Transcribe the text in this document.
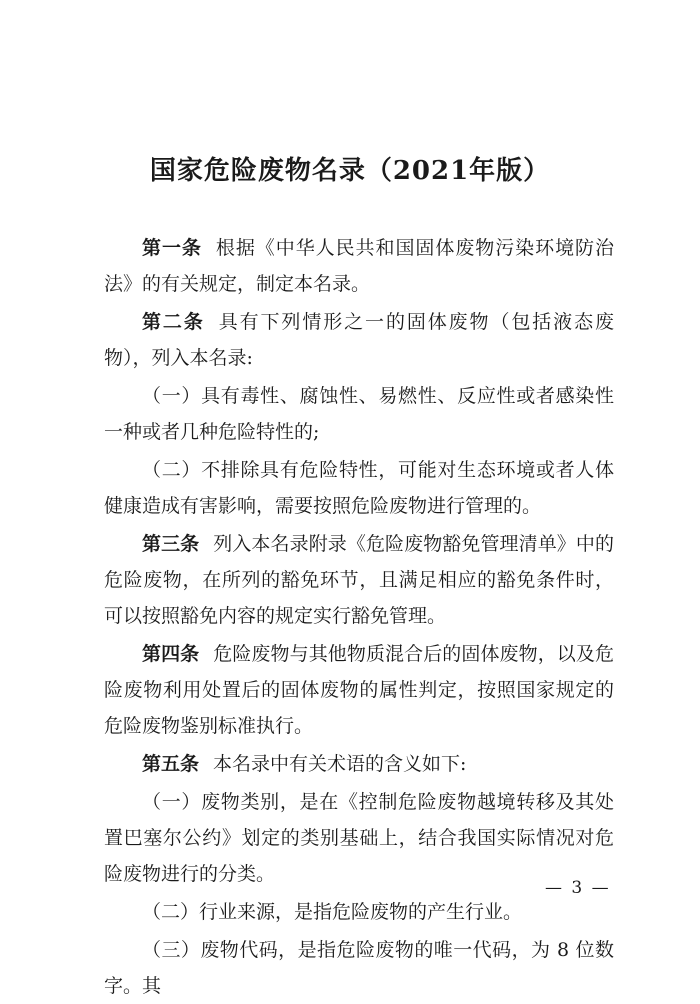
国家危险废物名录（2021年版）

第一条 根据《中华人民共和国固体废物污染环境防治法》的有关规定，制定本名录。

第二条 具有下列情形之一的固体废物（包括液态废物），列入本名录:

（一）具有毒性、腐蚀性、易燃性、反应性或者感染性一种或者几种危险特性的;

（二）不排除具有危险特性，可能对生态环境或者人体健康造成有害影响，需要按照危险废物进行管理的。

第三条 列入本名录附录《危险废物豁免管理清单》中的危险废物，在所列的豁免环节，且满足相应的豁免条件时，可以按照豁免内容的规定实行豁免管理。

第四条 危险废物与其他物质混合后的固体废物，以及危险废物利用处置后的固体废物的属性判定，按照国家规定的危险废物鉴别标准执行。

第五条 本名录中有关术语的含义如下:

（一）废物类别，是在《控制危险废物越境转移及其处置巴塞尔公约》划定的类别基础上，结合我国实际情况对危险废物进行的分类。

（二）行业来源，是指危险废物的产生行业。

（三）废物代码，是指危险废物的唯一代码，为 8 位数字。其

— 3 —
